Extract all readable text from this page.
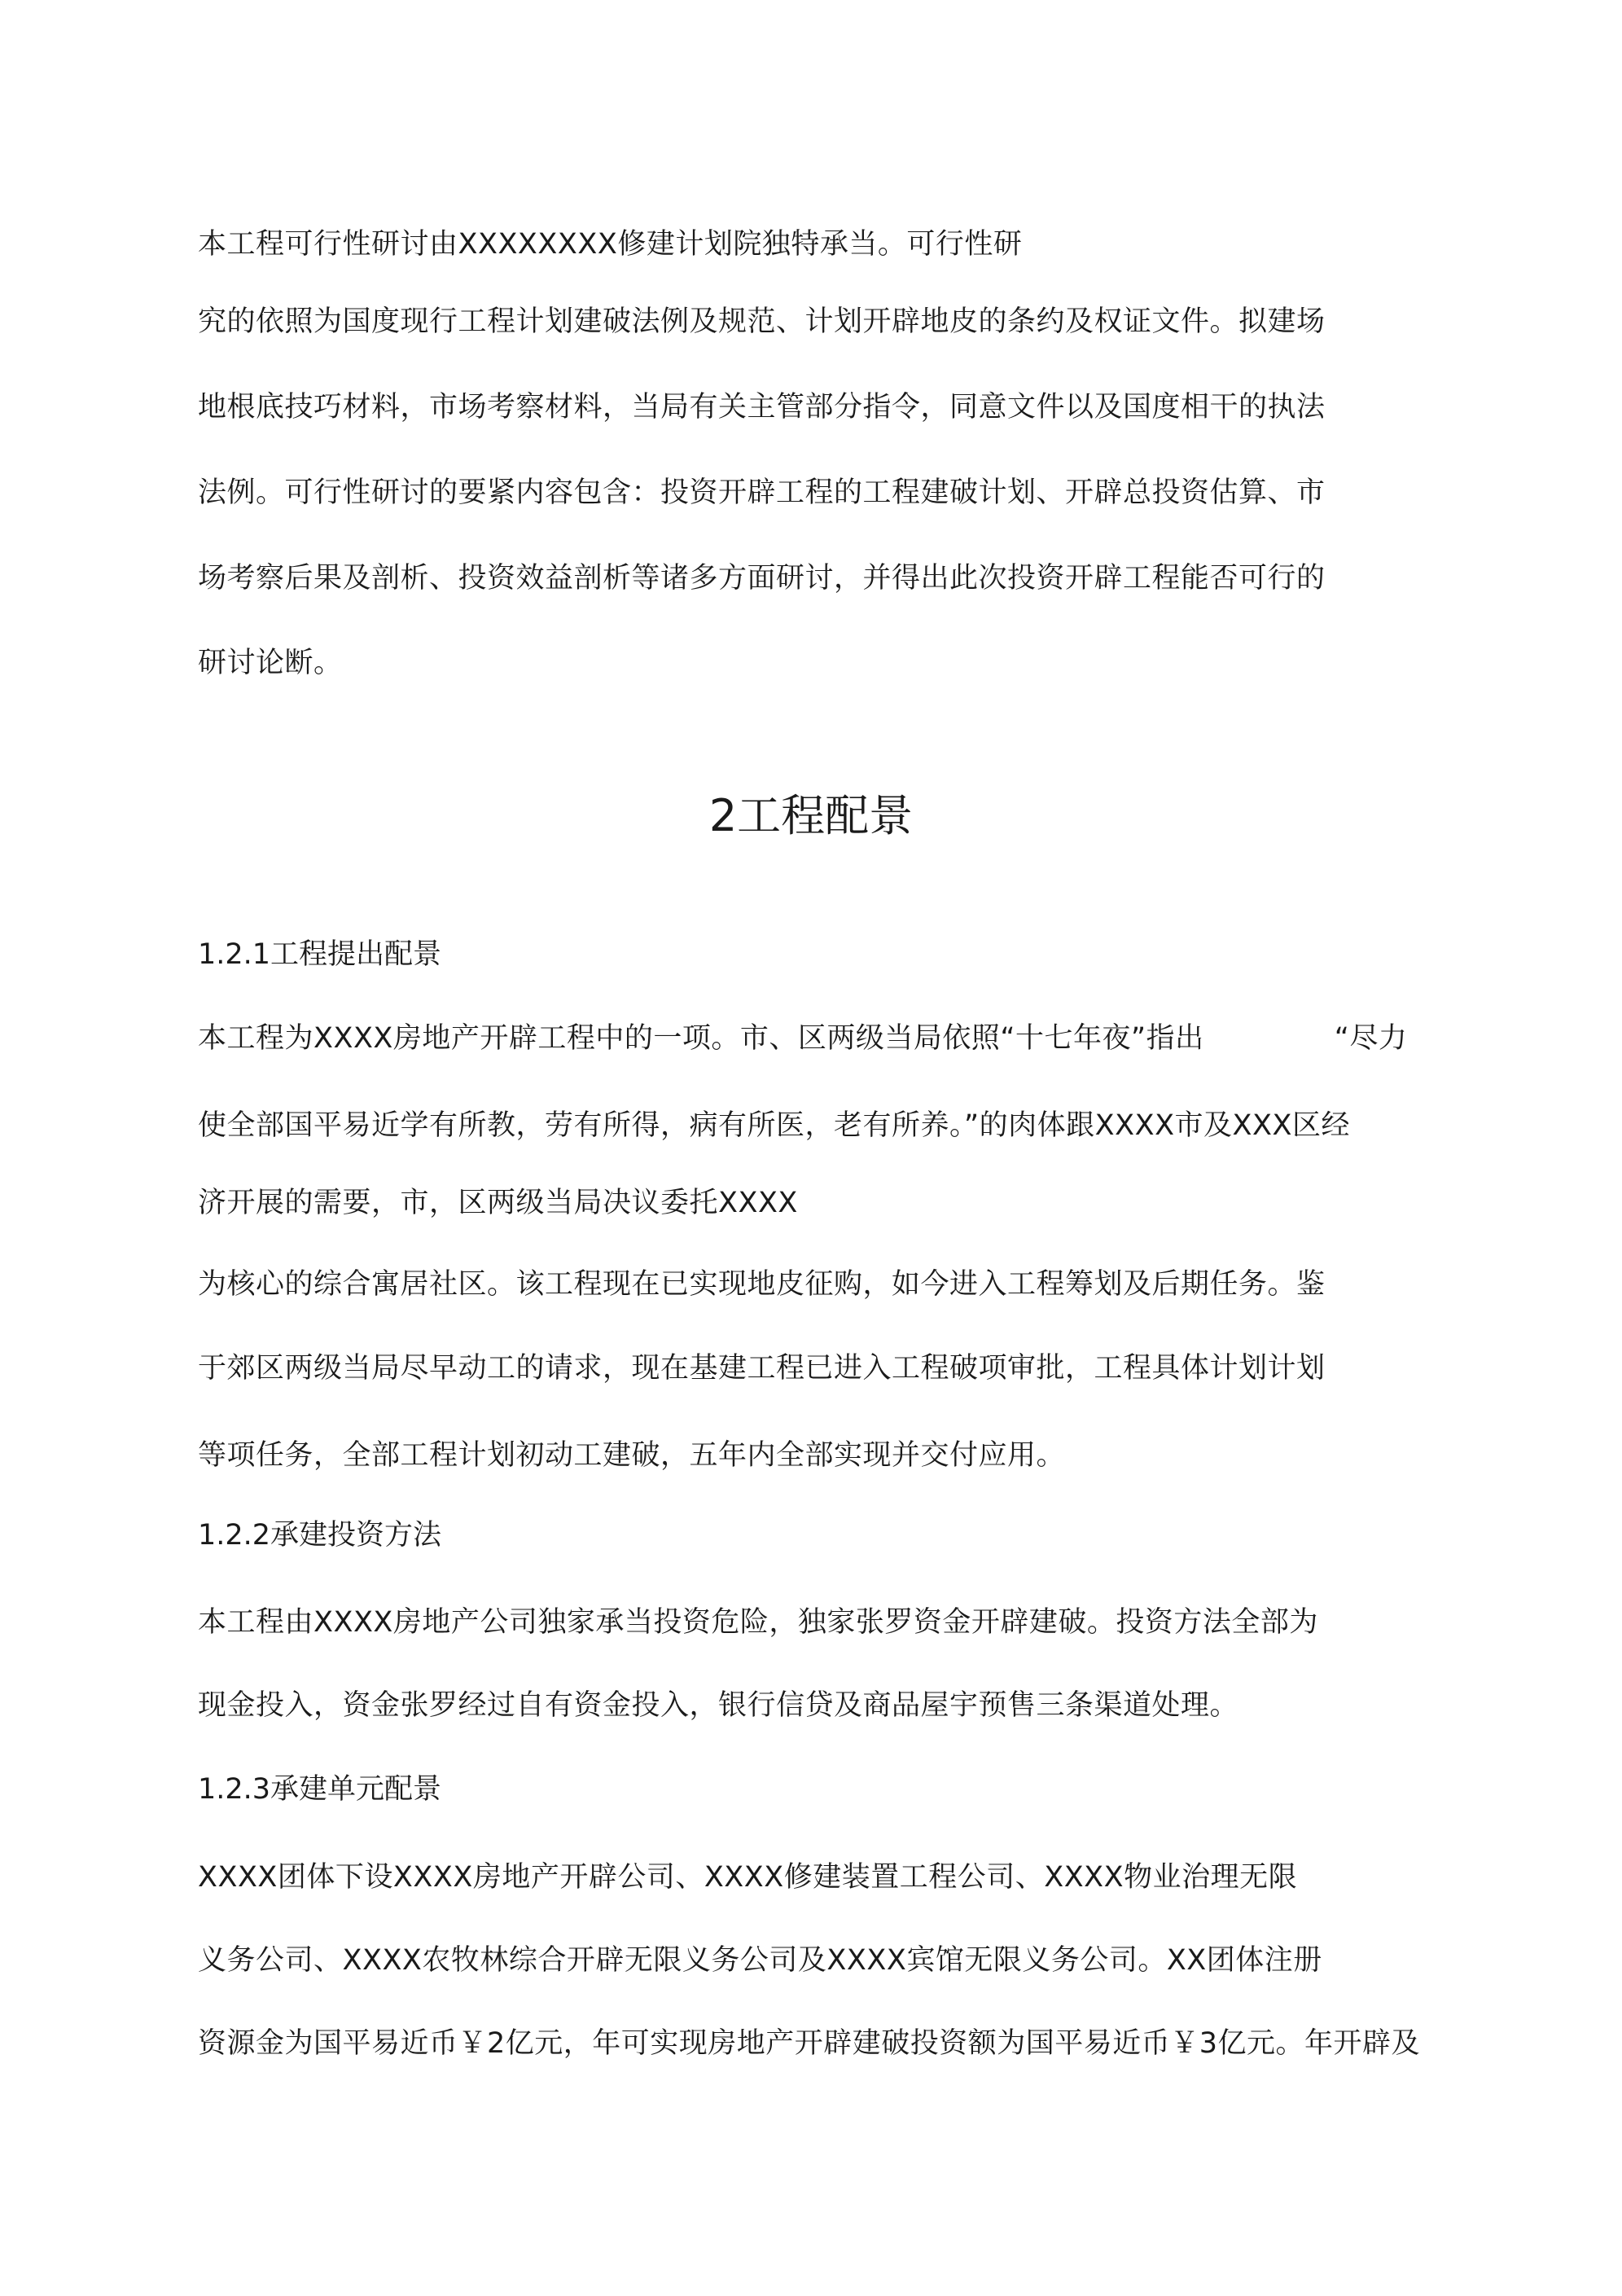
本工程可行性研讨由XXXXXXXX修建计划院独特承当。可行性研
究的依照为国度现行工程计划建破法例及规范、计划开辟地皮的条约及权证文件。拟建场
地根底技巧材料，市场考察材料，当局有关主管部分指令，同意文件以及国度相干的执法
法例。可行性研讨的要紧内容包含：投资开辟工程的工程建破计划、开辟总投资估算、市
场考察后果及剖析、投资效益剖析等诸多方面研讨，并得出此次投资开辟工程能否可行的
研讨论断。
2工程配景
1.2.1工程提出配景
本工程为XXXX房地产开辟工程中的一项。市、区两级当局依照“十七年夜”指出	“尽力
使全部国平易近学有所教，劳有所得，病有所医，老有所养。”的肉体跟XXXX市及XXX区经
济开展的需要，市，区两级当局决议委托XXXX
为核心的综合寓居社区。该工程现在已实现地皮征购，如今进入工程筹划及后期任务。鉴
于郊区两级当局尽早动工的请求，现在基建工程已进入工程破项审批，工程具体计划计划
等项任务，全部工程计划初动工建破，五年内全部实现并交付应用。
1.2.2承建投资方法
本工程由XXXX房地产公司独家承当投资危险，独家张罗资金开辟建破。投资方法全部为
现金投入，资金张罗经过自有资金投入，银行信贷及商品屋宇预售三条渠道处理。
1.2.3承建单元配景
XXXX团体下设XXXX房地产开辟公司、XXXX修建装置工程公司、XXXX物业治理无限
义务公司、XXXX农牧林综合开辟无限义务公司及XXXX宾馆无限义务公司。XX团体注册
资源金为国平易近币￥2亿元，年可实现房地产开辟建破投资额为国平易近币￥3亿元。年开辟及
